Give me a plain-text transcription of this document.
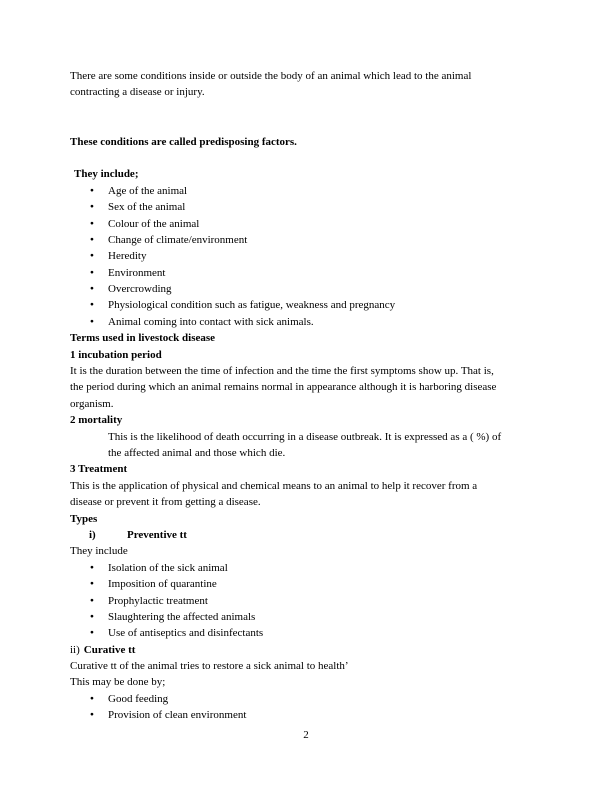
There are some conditions inside or outside the body of an animal which lead to the animal
contracting a disease or injury.
These conditions are called predisposing factors.
They include;
●	Age of the animal
●	Sex of the animal
●	Colour of the animal
●	Change of climate/environment
●	Heredity
●	Environment
●	Overcrowding
●	Physiological condition such as fatigue, weakness and pregnancy
●	Animal coming into contact with sick animals.
Terms used in livestock disease
1 incubation period
It is the duration between the time of infection and the time the first symptoms show up. That is,
the period during which an animal remains normal in appearance although it is harboring disease
organism.
2 mortality
This is the likelihood of death occurring in a disease outbreak. It is expressed as a ( %) of
the affected animal and those which die.
3 Treatment
This is the application of physical and chemical means to an animal to help it recover from a
disease or prevent it from getting a disease.
Types
i)	Preventive tt
They include
●	Isolation of the sick animal
●	Imposition of quarantine
●	Prophylactic treatment
●	Slaughtering the affected animals
●	Use of antiseptics and disinfectants
ii) Curative tt
Curative tt of the animal tries to restore a sick animal to health’
This may be done by;
●	Good feeding
●	Provision of clean environment
2
